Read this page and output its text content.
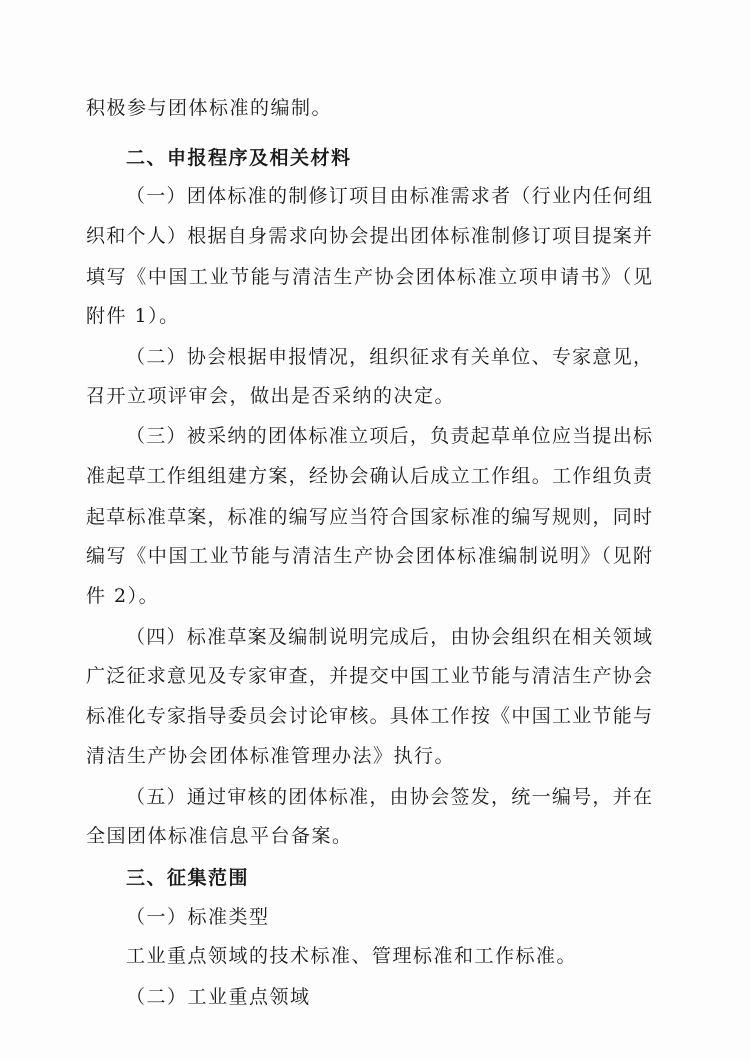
积极参与团体标准的编制。
二、申报程序及相关材料
（一）团体标准的制修订项目由标准需求者（行业内任何组
织和个人）根据自身需求向协会提出团体标准制修订项目提案并
填写《中国工业节能与清洁生产协会团体标准立项申请书》（见
附件 1）。
（二）协会根据申报情况，组织征求有关单位、专家意见，
召开立项评审会，做出是否采纳的决定。
（三）被采纳的团体标准立项后，负责起草单位应当提出标
准起草工作组组建方案，经协会确认后成立工作组。工作组负责
起草标准草案，标准的编写应当符合国家标准的编写规则，同时
编写《中国工业节能与清洁生产协会团体标准编制说明》（见附
件 2）。
（四）标准草案及编制说明完成后，由协会组织在相关领域
广泛征求意见及专家审查，并提交中国工业节能与清洁生产协会
标准化专家指导委员会讨论审核。具体工作按《中国工业节能与
清洁生产协会团体标准管理办法》执行。
（五）通过审核的团体标准，由协会签发，统一编号，并在
全国团体标准信息平台备案。
三、征集范围
（一）标准类型
工业重点领域的技术标准、管理标准和工作标准。
（二）工业重点领域
